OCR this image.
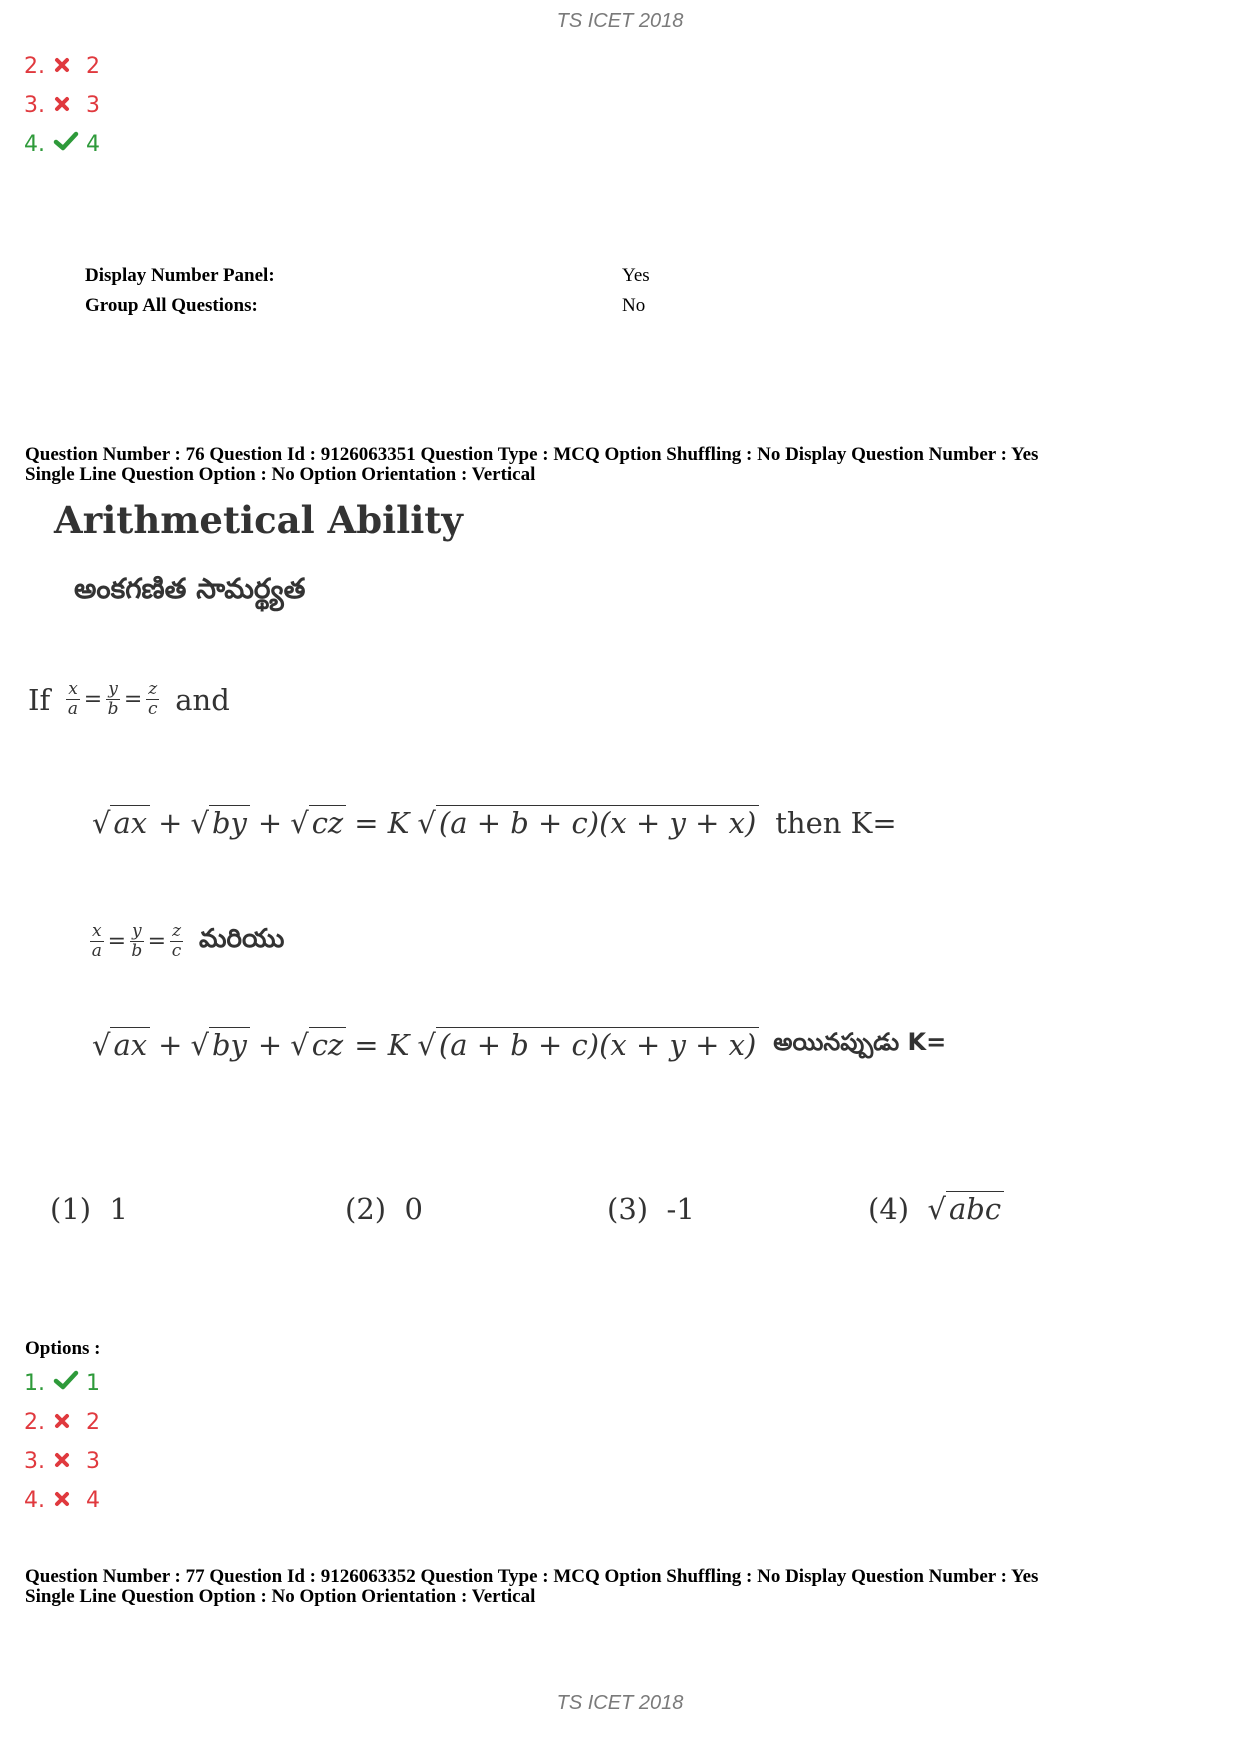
TS ICET 2018
2. 2
3. 3
4. 4
Display Number Panel:	Yes
Group All Questions:	No
Question Number : 76 Question Id : 9126063351 Question Type : MCQ Option Shuffling : No Display Question Number : Yes
Single Line Question Option : No Option Orientation : Vertical
Arithmetical Ability
అంకగణిత సామర్థ్యత
If $\frac{x}{a} = \frac{y}{b} = \frac{z}{c}$ and
√ ax + √ by + √ cz = K √ (a + b + c)(x + y + x) then K=
$\frac{x}{a} = \frac{y}{b} = \frac{z}{c}$ మరియు
√ ax + √ by + √ cz = K √ (a + b + c)(x + y + x) అయినప్పుడు K=
(1) 1	(2) 0	(3) -1	(4)  √ abc
Options :
1. 1
2. 2
3. 3
4. 4
Question Number : 77 Question Id : 9126063352 Question Type : MCQ Option Shuffling : No Display Question Number : Yes
Single Line Question Option : No Option Orientation : Vertical
TS ICET 2018
